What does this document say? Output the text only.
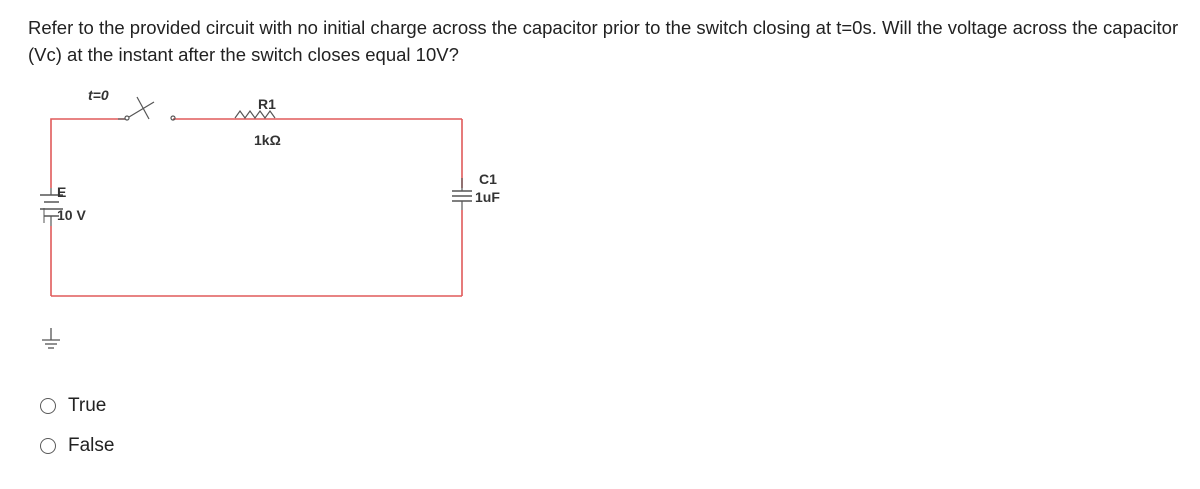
Refer to the provided circuit with no initial charge across the capacitor prior to the switch closing at t=0s. Will the voltage across the capacitor (Vc) at the instant after the switch closes equal 10V?

t=0
R1
1kΩ
C1
1uF
E
10 V
True
False
